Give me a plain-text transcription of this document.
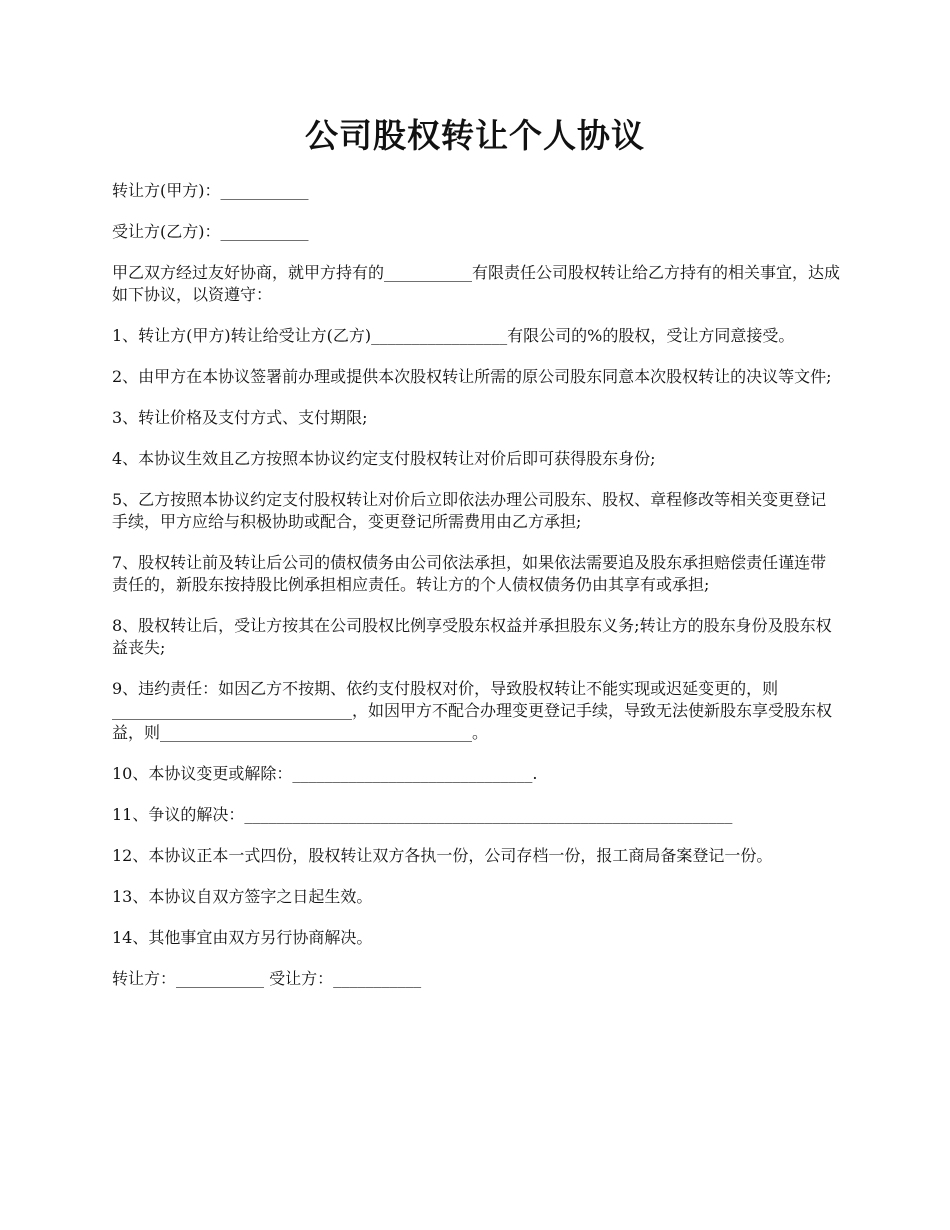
公司股权转让个人协议

转让方(甲方)：___________

受让方(乙方)：___________

甲乙双方经过友好协商，就甲方持有的___________有限责任公司股权转让给乙方持有的相关事宜，达成如下协议，以资遵守：

1、转让方(甲方)转让给受让方(乙方)_________________有限公司的%的股权，受让方同意接受。

2、由甲方在本协议签署前办理或提供本次股权转让所需的原公司股东同意本次股权转让的决议等文件;

3、转让价格及支付方式、支付期限;

4、本协议生效且乙方按照本协议约定支付股权转让对价后即可获得股东身份;

5、乙方按照本协议约定支付股权转让对价后立即依法办理公司股东、股权、章程修改等相关变更登记手续，甲方应给与积极协助或配合，变更登记所需费用由乙方承担;

7、股权转让前及转让后公司的债权债务由公司依法承担，如果依法需要追及股东承担赔偿责任谨连带责任的，新股东按持股比例承担相应责任。转让方的个人债权债务仍由其享有或承担;

8、股权转让后，受让方按其在公司股权比例享受股东权益并承担股东义务;转让方的股东身份及股东权益丧失;

9、违约责任：如因乙方不按期、依约支付股权对价，导致股权转让不能实现或迟延变更的，则______________________________，如因甲方不配合办理变更登记手续，导致无法使新股东享受股东权益，则_______________________________________。

10、本协议变更或解除：______________________________.

11、争议的解决：_____________________________________________________________

12、本协议正本一式四份，股权转让双方各执一份，公司存档一份，报工商局备案登记一份。

13、本协议自双方签字之日起生效。

14、其他事宜由双方另行协商解决。

转让方：___________ 受让方：___________
